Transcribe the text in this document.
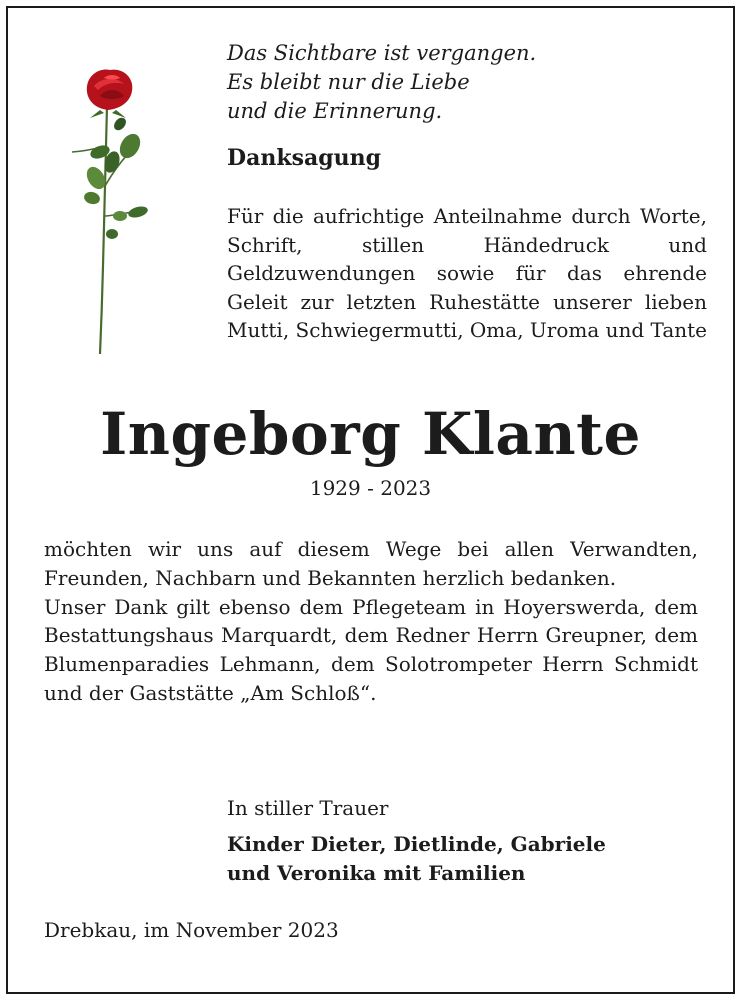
Das Sichtbare ist vergangen.
Es bleibt nur die Liebe
und die Erinnerung.
Danksagung
Für die aufrichtige Anteilnahme durch Worte, Schrift, stillen Händedruck und Geldzuwendungen sowie für das ehrende Geleit zur letzten Ruhestätte unserer lieben Mutti, Schwiegermutti, Oma, Uroma und Tante
Ingeborg Klante
1929 - 2023
möchten wir uns auf diesem Wege bei allen Verwandten, Freunden, Nachbarn und Bekannten herzlich bedanken.
Unser Dank gilt ebenso dem Pflegeteam in Hoyerswerda, dem Bestattungshaus Marquardt, dem Redner Herrn Greupner, dem Blumenparadies Lehmann, dem Solotrompeter Herrn Schmidt und der Gaststätte „Am Schloß“.
In stiller Trauer
Kinder Dieter, Dietlinde, Gabriele
und Veronika mit Familien
Drebkau, im November 2023
